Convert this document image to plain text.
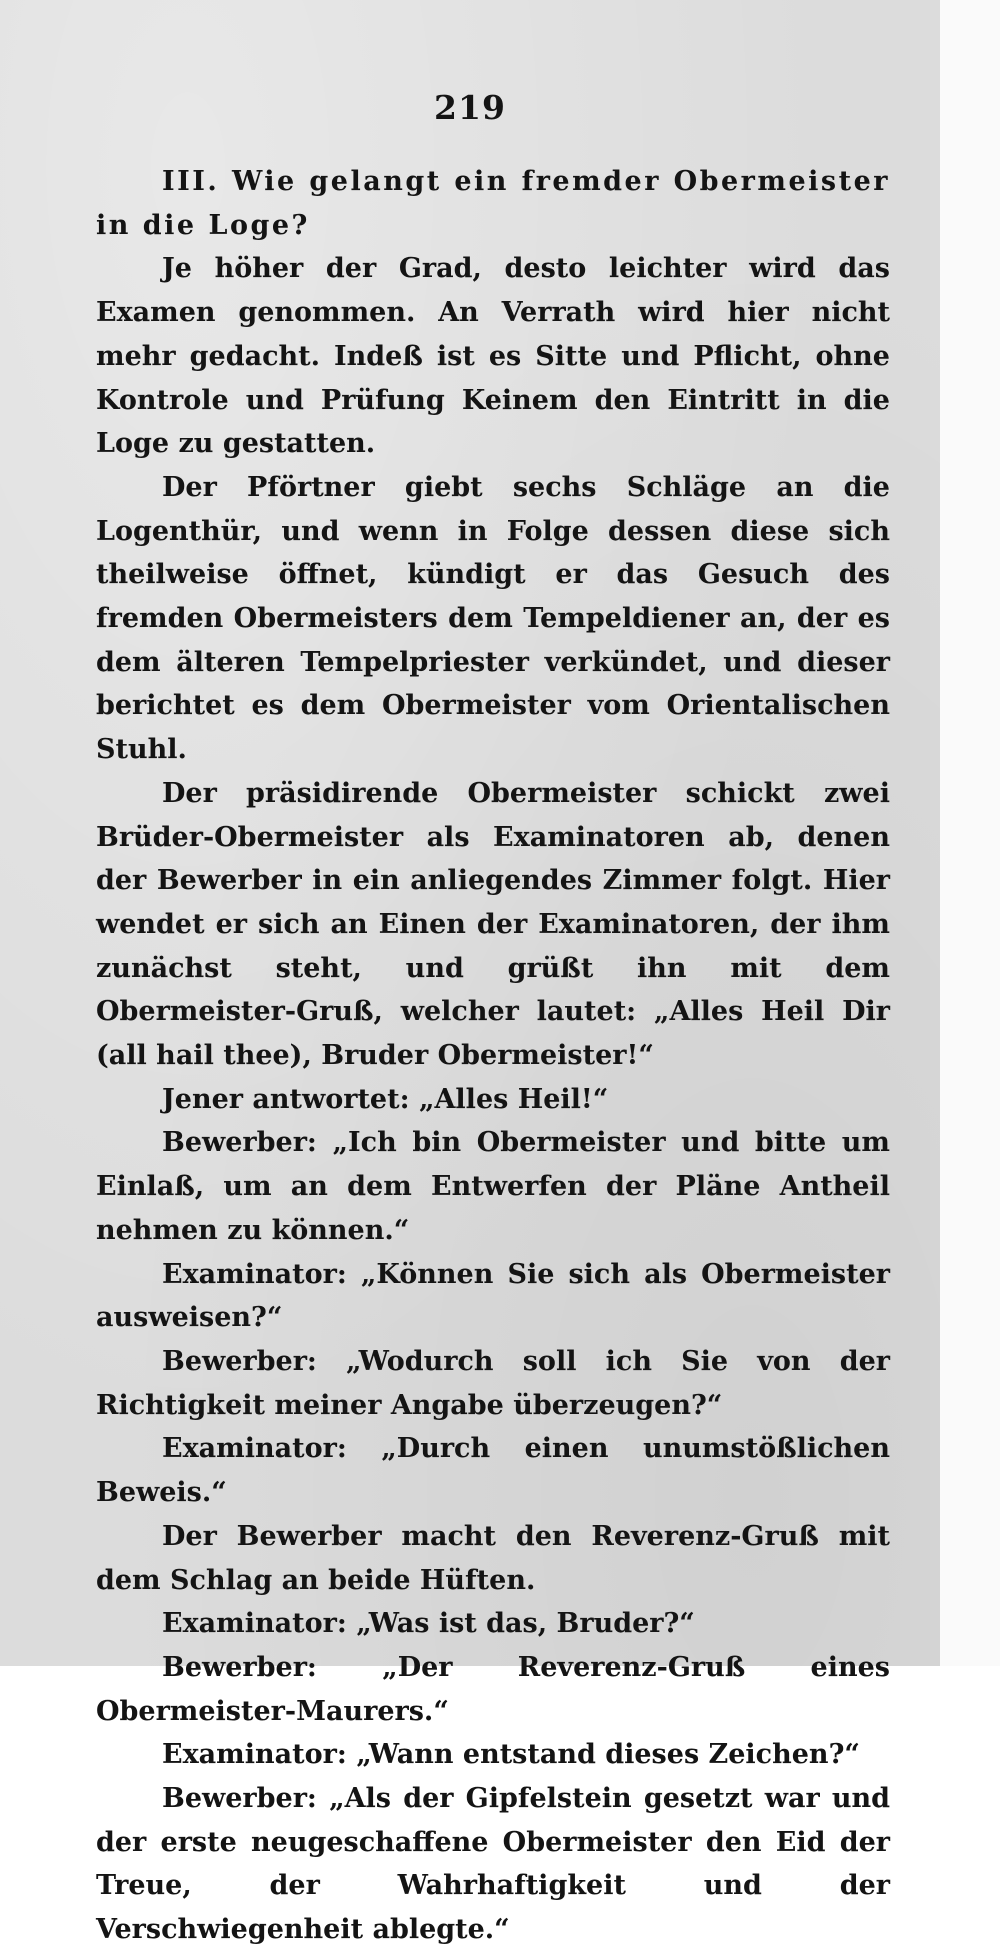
219

III. Wie gelangt ein fremder Obermeister in die Loge?

Je höher der Grad, desto leichter wird das Examen genommen. An Verrath wird hier nicht mehr gedacht. Indeß ist es Sitte und Pflicht, ohne Kontrole und Prüfung Keinem den Eintritt in die Loge zu gestatten.

Der Pförtner giebt sechs Schläge an die Logenthür, und wenn in Folge dessen diese sich theilweise öffnet, kündigt er das Gesuch des fremden Obermeisters dem Tempeldiener an, der es dem älteren Tempelpriester verkündet, und dieser berichtet es dem Obermeister vom Orientalischen Stuhl.

Der präsidirende Obermeister schickt zwei Brüder-Obermeister als Examinatoren ab, denen der Bewerber in ein anliegendes Zimmer folgt. Hier wendet er sich an Einen der Examinatoren, der ihm zunächst steht, und grüßt ihn mit dem Obermeister-Gruß, welcher lautet: „Alles Heil Dir (all hail thee), Bruder Obermeister!“

Jener antwortet: „Alles Heil!“

Bewerber: „Ich bin Obermeister und bitte um Einlaß, um an dem Entwerfen der Pläne Antheil nehmen zu können.“

Examinator: „Können Sie sich als Obermeister ausweisen?“

Bewerber: „Wodurch soll ich Sie von der Richtigkeit meiner Angabe überzeugen?“

Examinator: „Durch einen unumstößlichen Beweis.“

Der Bewerber macht den Reverenz-Gruß mit dem Schlag an beide Hüften.

Examinator: „Was ist das, Bruder?“

Bewerber: „Der Reverenz-Gruß eines Obermeister-Maurers.“

Examinator: „Wann entstand dieses Zeichen?“

Bewerber: „Als der Gipfelstein gesetzt war und der erste neugeschaffene Obermeister den Eid der Treue, der Wahrhaftigkeit und der Verschwiegenheit ablegte.“
